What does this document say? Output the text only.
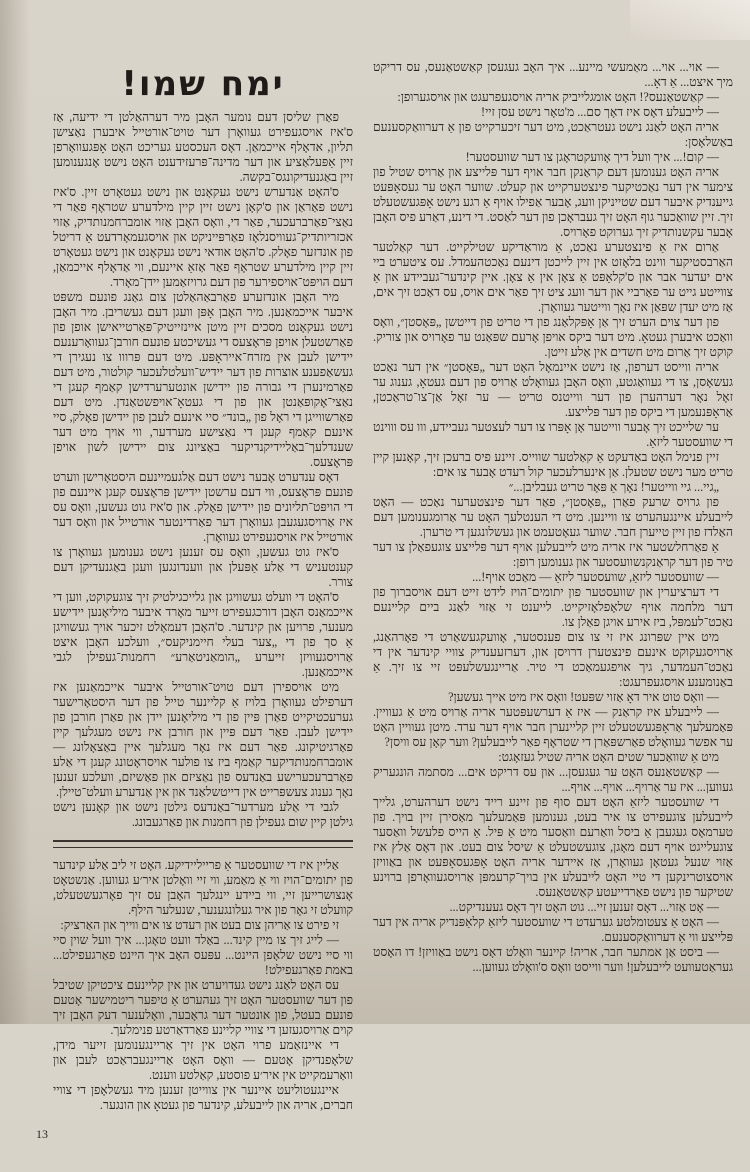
ימח שמו!

פאַרן שליסן דעם נומער האָבן מיר דערהאַלטן די ידיעה, אַז ס'איז אויסגעפירט געוואָרן דער טויט־אורטייל איבערן נאַצישן תליון, אדאָלף אייכמאַן. דאָס העכסטע געריכט האָט אָפּגעוואָרפן זיין אַפּעלאַציע און דער מדינה־פּרעזידענט האָט נישט אָנגענומען זיין באַגנעדיקונגס־בקשה.

ס'האָט אַנדערש נישט געקאָנט און נישט געטאָרט זיין. ס'איז נישט פאַראַן און ס'קאָן נישט זיין קיין מילדערע שטראָף פאַר די נאַצי־פאַרברעכער, פאַר די, וואָס האָבן אַזוי אומברחמנותדיק, אַזוי אכזריותדיק־געוויסנלאָז פאַרפּייניקט און אויסגעמאָרדעט אַ דריטל פון אונדזער פאָלק. ס'האָט אודאי נישט געקאָנט און נישט געטאָרט זיין קיין מילדערע שטראָף פאַר אַזאַ איינעם, ווי אַדאָלף אייכמאַן, דעם הויפּט־אויספירער פון דעם גרויזאַמען יידן־מאָרד.

מיר האָבן אונדזערע פאַרבאַהאַלטן צום גאַנג פונעם משפּט איבער אייכמאַנען. מיר האָבן אָפּן וועגן דעם געשריבן. מיר האָבן נישט געקאָנט מסכים זיין מיטן איינזייטיק־פּאַרטייאישן אופן פון פאַרשטעלן אויפן פּראָצעס די געשיכטע פונעם חורבן־געוואָרענעם יידישן לעבן אין מזרח־אייראָפּע. מיט דעם פּרווו צו נעגירן די געשאַפענע אוצרות פון דער יידיש־וועלטלעכער קולטור, מיט דעם פאַרמינערן די גבורה פון יידישן אונטערערדישן קאַמף קעגן די נאַצי־אָקופּאַנטן און פון די געטאָ־אויפשטאַנדן. מיט דעם פאַרשווייגן די ראָל פון „בונד״ סיי אינעם לעבן פון יידישן פאָלק, סיי אינעם קאַמף קעגן די נאַצישע מערדער, ווי אויך מיט דער שענדלעך־באַליידיקנדיקער באַציונג צום יידישן לשון אויפן פּראָצעס.

דאָס ענדערט אָבער נישט דעם אַלגעמיינעם היסטאָרישן ווערט פונעם פּראָצעס, ווי דעם ערשטן יידישן פּראָצעס קעגן איינעם פון די הויפּט־תליונים פון יידישן פאָלק. און ס'איז גוט געשען, וואָס עס איז אַרויסגעגעבן געוואָרן דער פאַרדינטער אורטייל און וואָס דער אורטייל איז אויסגעפירט געוואָרן.

ס'איז גוט געשען, וואָס עס זענען נישט גענומען געוואָרן צו קענטעניש די אַלע אַפּעלן און ווענדונגען וועגן באַגנעדיקן דעם צורר.

ס'האָט די וועלט געשוויגן און גלייכגילטיק זיך צוגעקוקט, ווען די אייכמאַנס האָבן דורכגעפירט זייער מאָרד איבער מיליאָנען יידישע מענער, פרויען און קינדער. ס'האָבן דעמאָלט זיכער אויך געשוויגן אַ סך פון די „צער בעלי חיימניקעס״, וועלכע האָבן איצט אַרויסגעוויזן זייערע „הומאַניטאַרע״ רחמנות־געפילן לגבי אייכמאַנען.

מיט אויספירן דעם טויט־אורטייל איבער אייכמאַנען איז דערפילט געוואָרן בלויז אַ קליינער טייל פון דער היסטאָרישער גערעכטיקייט פאַרן פּיין פון די מיליאָנען יידן און פאַרן חורבן פון יידישן לעבן. פאַר דעם פּיין און חורבן איז נישט מעגלעך קיין פאַרגיטיקונג. פאַר דעם איז נאָר מעגלעך איין באַצאָלונג — אומברחמנותדיקער קאַמף ביז צו פולער אויסראָטונג קעגן די אַלע פאַרברעכערישע באַנדעס פון נאַציזם און פאַשיזם, וועלכע זענען נאָך גענוג צעשפּרייט אין דייטשלאַנד און אין אַנדערע וועלט־טיילן.

לגבי די אַלע מערדער־באַנדעס גילטן נישט און קאָנען נישט גילטן קיין שום געפילן פון רחמנות און פאַרגעבונג.

אַליין איז די שוועסטער אַ פרייליידיקע. האָט זי ליב אַלע קינדער פון יתומים־הויז ווי אַ מאַמע, ווי זיי וואָלטן איר׳ע געווען. אַנשטאָט אָנצושרייען זיי, ווי ביידע יינגלעך האָבן עס זיך פאָרגעשטעלט, קוועלט זי גאָר פון איר געלונגענער, שנעלער הילף.

זי פירט צו אַריהן צום בעט און רעדט צו אים ווייך און האַרציק:

— לייג זיך צו מיין קינד... באַלד וועט טאָגן... איך וועל שוין סיי ווי סיי נישט שלאָפן היינט... עפּעס האָב איך היינט פאַרגעפילט... באמת פאַרגעפילט!

עס האָט לאַנג נישט געדויערט און אין קליינעם ציכטיקן שטיבל פון דער שוועסטער האָט זיך געהערט אַ טיפער ריטמישער אָטעם פונעם בעטל, פון אונטער דער גראָבער, וואָלענער דעק האָבן זיך קוים אַרויסגעזען די צוויי קליינע פאַרדאַרטע פנימלעך.

די איינזאַמע פרוי האָט אין זיך אַריינגענומען זייער מידן, שלאָפנדיקן אָטעם — וואָס האָט אַריינגעבראַכט לעבן און וואַרעמקייט אין איר׳ע פוסטע, קאַלטע ווענט.

איינגעטוליעט איינער אין צווייטן זענען מיד געשלאָפן די צוויי חברים, אריה און לייבעלע, קינדער פון געטאָ און הונגער.

13

— אוי... אוי... מאַמעשי מיינע... איך האָב געגעסן קאַשטאַנעס, עס דריקט מיך איצט... אַ דאָ...

— קאַשטאַנעס?! האָט אומגלייביק אריה אויסגעפרעגט און אויסגערופן:

— לייבעלע דאָס איז דאָך סם... מ'טאָר נישט עסן זיי!

אריה האָט לאַנג נישט געטראַכט, מיט דער זיכערקייט פון אַ דערוואַקסענעם באַשלאָסן:

— קום!... איך וועל דיך אָוועקטראָגן צו דער שוועסטער!

אריה האָט גענומען דעם קראַנקן חבר אויף דער פּלייצע און אַרויס שטיל פון צימער אין דער נאַכטיקער פינצטערקייט און קעלט. שווער האָט ער געסאָפּעט גייענדיק איבער דעם שטייניקן וועג, אָבער אַפילו אויף אַ רגע נישט אָפּגעשטעלט זיך. זיין שוואַכער גוף האָט זיך געבראָכן פון דער לאַסט. די דינע, דאַרע פיס האָבן אָבער עקשנותדיק זיך גערוקט פאָרויס.

אַרום איז אַ פינצטערע נאַכט, אַ מוראַדיקע שטילקייט. דער קאַלטער האַרבסטיקער ווינט בלאָזט אין זיין לייכטן דינעם נאַכטהעמדל. עס ציטערט ביי אים יעדער אבר און ס'קלאַפּט אַ צאָן אין אַ צאָן. איין קינדער־געביידע און אַ צווייטע גייט ער פאַרביי און דער וועג ציט זיך פאַר אים אויס, עס דאַכט זיך אים, אַז מיט יעדן שפּאַן איז נאָך ווייטער געוואָרן.

פון דער צוים הערט זיך אַן אָפּקלאַנג פון די טריט פון דייטשן „פּאָסטן״, וואָס וואַכט איבערן געטאָ. מיט דער ביקס אויפן אָרעם שפּאַנט ער פאָרויס און צוריק. קוקט זיך אַרום מיט חשדים אין אַלע זייטן.

אריה ווייסט דערפון, אַז נישט איינמאָל האָט דער „פּאָסטן״ אין דער נאַכט געשאָסן, צו די געוואַגטע, וואָס האָבן געוואָלט אַרויס פון דעם געטאָ, גענוג ער זאָל נאָר דערהערן פון דער ווייטנס טריט — ער זאָל אַן־צו־טראַכטן, אַראָפּנעמען די ביקס פון דער פּלייצע.

ער שלייכט זיך אָבער ווייטער אָן אָפּרו צו דער לעצטער געביידע, ווו עס וווינט די שוועסטער ליזאַ.

זיין פנימל האָט באַדעקט אַ קאַלטער שווייס. זיינע פיס ברעכן זיך, קאָנען קיין טריט מער נישט שטעלן. אַן אינערלעכער קול רעדט אָבער צו אים:

„גיי... גיי ווייטער! נאָך אַ פּאָר טריט געבליבן...״

פון גרויס שרעק פאַרן „פּאָסטן״, פאַר דער פינצטערער נאַכט — האָט לייבעלע איינגעהערט צו וויינען. מיט די הענטלעך האָט ער אַרומגענומען דעם האַלדז פון זיין טייערן חבר. שווער געאָטעמט און געשלונגען די טרערן.

אַ פאַרחלשטער איז אריה מיט לייבעלען אויף דער פּלייצע צוגעפאַלן צו דער טיר פון דער קראַנקנשוועסטער און גענומען רופן:

— שוועסטער ליזאַ, שוועסטער ליזאַ — מאַכט אויף!...

די דערציערין און שוועסטער פון יתומים־הויז לידט זייט דעם אויסברוך פון דער מלחמה אויף שלאָפלאָזיקייט. לייענט זי אַזוי לאַנג ביים קליינעם נאַכט־לעמפּל, ביז אירע אויגן פאַלן צו.

מיט איין שפּרונג איז זי צו צום פענסטער, אָוועקגעשאַרט די פאָרהאַנג, אַרויסגעקוקט אינעם פינצטערן דרויסן און, דערזעענדיק צוויי קינדער אין די נאַכט־העמדער, גיך אויפגעמאַכט די טיר. אַריינגעשלעפּט זיי צו זיך. אַ באַנומענע אויסגעפרעגט:

— וואָס טוט איר דאָ אַזוי שפּעט! וואָס איז מיט אייך געשען?

— לייבעלע איז קראַנק — איז אַ דערשעפּטער אריה אַרויס מיט אַ געוויין. פּאַמעלעך אַראָפּגעשטעלט זיין קליינערן חבר אויף דער ערד. מיטן געוויין האָט ער אפשר געוואָלט פאַרשפּאַרן די שטראָף פאַר לייבעלען? ווער קאָן עס וויסן?

מיט אַ שוואַכער שטים האָט אריה שטיל געזאָגט:

— קאַשטאַנעס האָט ער געגעסן... און עס דריקט אים... מסתמה הונגעריק געווען... איז ער אַרויף... אויף... אויף...

די שוועסטער ליזאַ האָט דעם סוף פון זיינע רייד נישט דערהערט, גלייך לייבעלען צוגעפירט צו איר בעט, גענומען פּאַמעלעך מאַסירן זיין בויך. פון טערמאָס געגעבן אַ ביסל וואַרעם וואַסער מיט אַ פּיל. אַ הייס פלעשל וואַסער צוגעלייגט אויף דעם מאָגן, צוגעשטעלט אַ שיסל צום בעט. און דאָס אַלץ איז אַזוי שנעל געטאָן געוואָרן, אַז איידער אריה האָט אָפּגעסאָפּעט און באַוויזן אויסצוטרינקען די טיי האָט לייבעלע אין בויך־קרעמפּן אַרויסגעוואָרפן ברוינע שטיקער פון נישט פאַרדייעטע קאַשטאַנעס.

— אָט אַזוי... דאָס זענען זיי... גוט האָט זיך דאָס געענדיקט...

— האָט אַ צעטומלטע גערעדט די שוועסטער ליזאַ קלאַפּנדיק אריה אין דער פּלייצע ווי אַ דערוואַקסענעם.

— ביסט אַן אמתער חבר, אריה! קיינער וואָלט דאָס נישט באַוויזן! דו האָסט געראַטעוועט לייבעלען! ווער ווייסט וואָס ס'וואָלט געווען...
